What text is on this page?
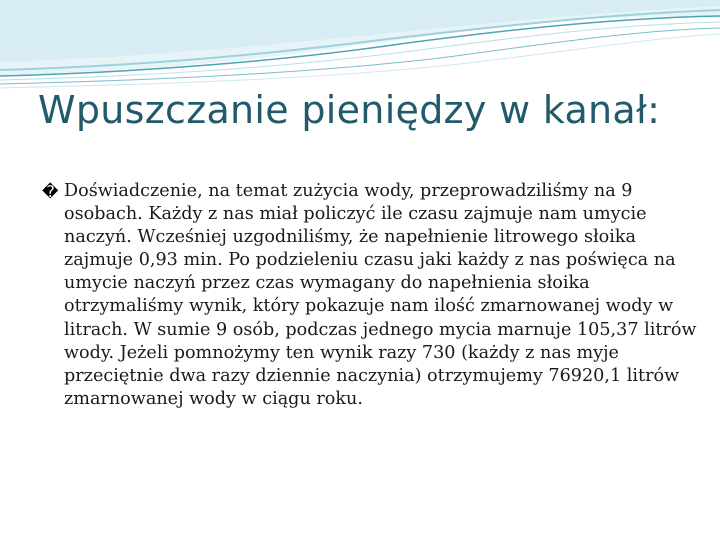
Wpuszczanie pieniędzy w kanał:
� Doświadczenie, na temat zużycia wody, przeprowadziliśmy na 9 osobach. Każdy z nas miał policzyć ile czasu zajmuje nam umycie naczyń. Wcześniej uzgodniliśmy, że napełnienie litrowego słoika zajmuje 0,93 min. Po podzieleniu czasu jaki każdy z nas poświęca na umycie naczyń przez czas wymagany do napełnienia słoika otrzymaliśmy wynik, który pokazuje nam ilość zmarnowanej wody w litrach. W sumie 9 osób, podczas jednego mycia marnuje 105,37 litrów wody. Jeżeli pomnożymy ten wynik razy 730 (każdy z nas myje przeciętnie dwa razy dziennie naczynia) otrzymujemy 76920,1 litrów zmarnowanej wody w ciągu roku.
